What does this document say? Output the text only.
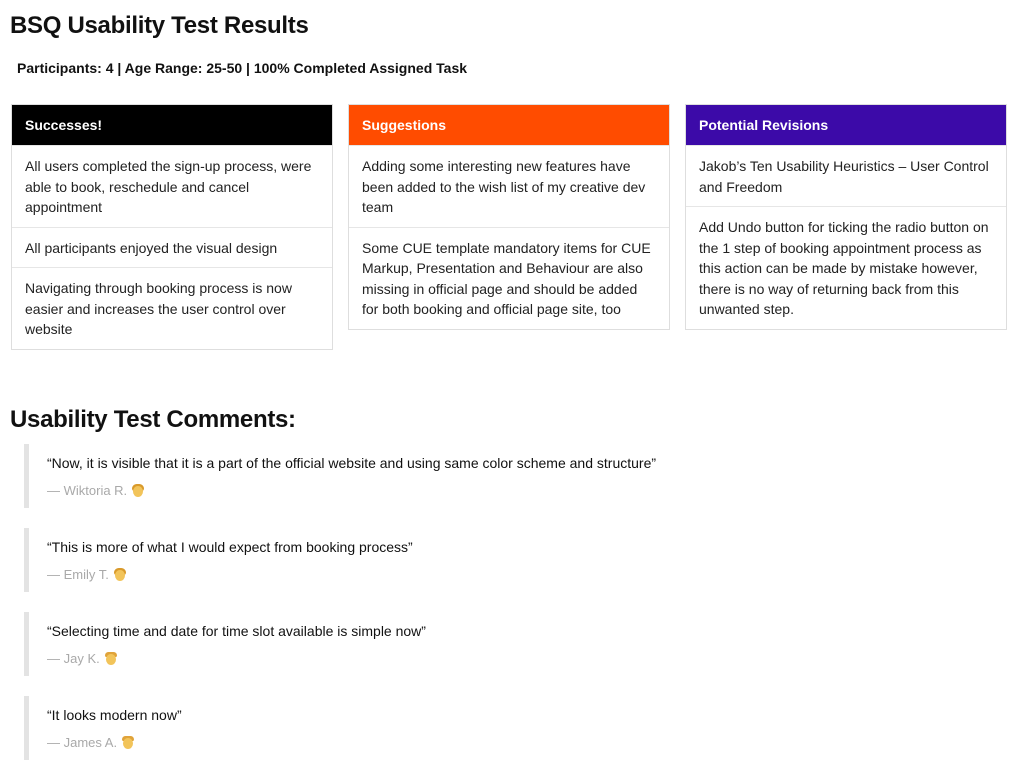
BSQ Usability Test Results
Participants: 4 | Age Range: 25-50 | 100% Completed Assigned Task
Successes!
All users completed the sign-up process, were able to book, reschedule and cancel appointment
All participants enjoyed the visual design
Navigating through booking process is now easier and increases the user control over website
Suggestions
Adding some interesting new features have been added to the wish list of my creative dev team
Some CUE template mandatory items for CUE Markup, Presentation and Behaviour are also missing in official page and should be added for both booking and official page site, too
Potential Revisions
Jakob’s Ten Usability Heuristics – User Control and Freedom
Add Undo button for ticking the radio button on the 1 step of booking appointment process as this action can be made by mistake however, there is no way of returning back from this unwanted step.
Usability Test Comments:
“Now, it is visible that it is a part of the official website and using same color scheme and structure”
— Wiktoria R.
“This is more of what I would expect from booking process”
— Emily T.
“Selecting time and date for time slot available is simple now”
— Jay K.
“It looks modern now”
— James A.
